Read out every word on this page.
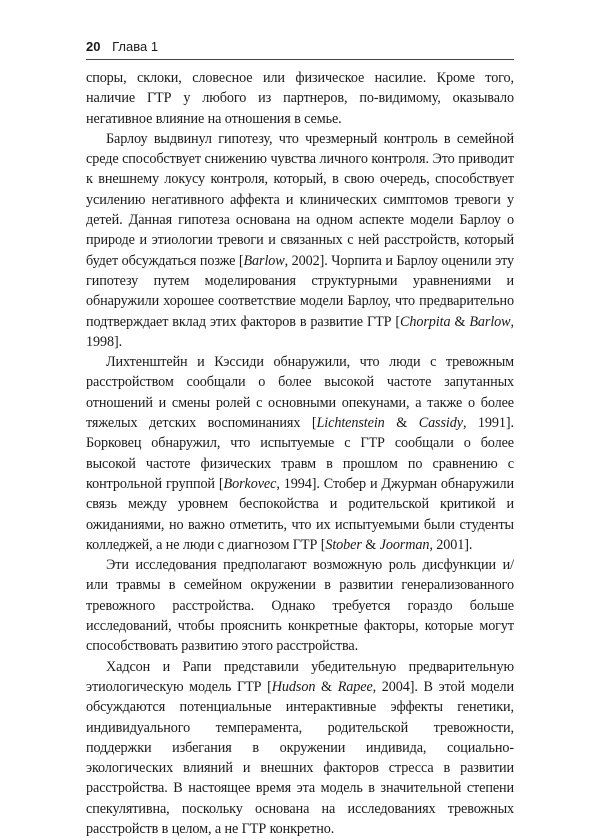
20 Глава 1

споры, склоки, словесное или физическое насилие. Кроме того, наличие ГТР у любого из партнеров, по-видимому, оказывало негативное влияние на отношения в семье.

Барлоу выдвинул гипотезу, что чрезмерный контроль в семейной среде способствует снижению чувства личного контроля. Это приводит к внешнему локусу контроля, который, в свою очередь, способствует усилению негативного аффекта и клинических симптомов тревоги у детей. Данная гипотеза основана на одном аспекте модели Барлоу о природе и этиологии тревоги и связанных с ней расстройств, который будет обсуждаться позже [Barlow, 2002]. Чорпита и Барлоу оценили эту гипотезу путем моделирования структурными уравнениями и обнаружили хорошее соответствие модели Барлоу, что предварительно подтверждает вклад этих факторов в развитие ГТР [Chorpita & Barlow, 1998].

Лихтенштейн и Кэссиди обнаружили, что люди с тревожным расстройством сообщали о более высокой частоте запутанных отношений и смены ролей с основными опекунами, а также о более тяжелых детских воспоминаниях [Lichtenstein & Cassidy, 1991]. Борковец обнаружил, что испытуемые с ГТР сообщали о более высокой частоте физических травм в прошлом по сравнению с контрольной группой [Borkovec, 1994]. Стобер и Джурман обнаружили связь между уровнем беспокойства и родительской критикой и ожиданиями, но важно отметить, что их испытуемыми были студенты колледжей, а не люди с диагнозом ГТР [Stober & Joorman, 2001].

Эти исследования предполагают возможную роль дисфункции и/или травмы в семейном окружении в развитии генерализованного тревожного расстройства. Однако требуется гораздо больше исследований, чтобы прояснить конкретные факторы, которые могут способствовать развитию этого расстройства.

Хадсон и Рапи представили убедительную предварительную этиологическую модель ГТР [Hudson & Rapee, 2004]. В этой модели обсуждаются потенциальные интерактивные эффекты генетики, индивидуального темперамента, родительской тревожности, поддержки избегания в окружении индивида, социально-экологических влияний и внешних факторов стресса в развитии расстройства. В настоящее время эта модель в значительной степени спекулятивна, поскольку основана на исследованиях тревожных расстройств в целом, а не ГТР конкретно.
